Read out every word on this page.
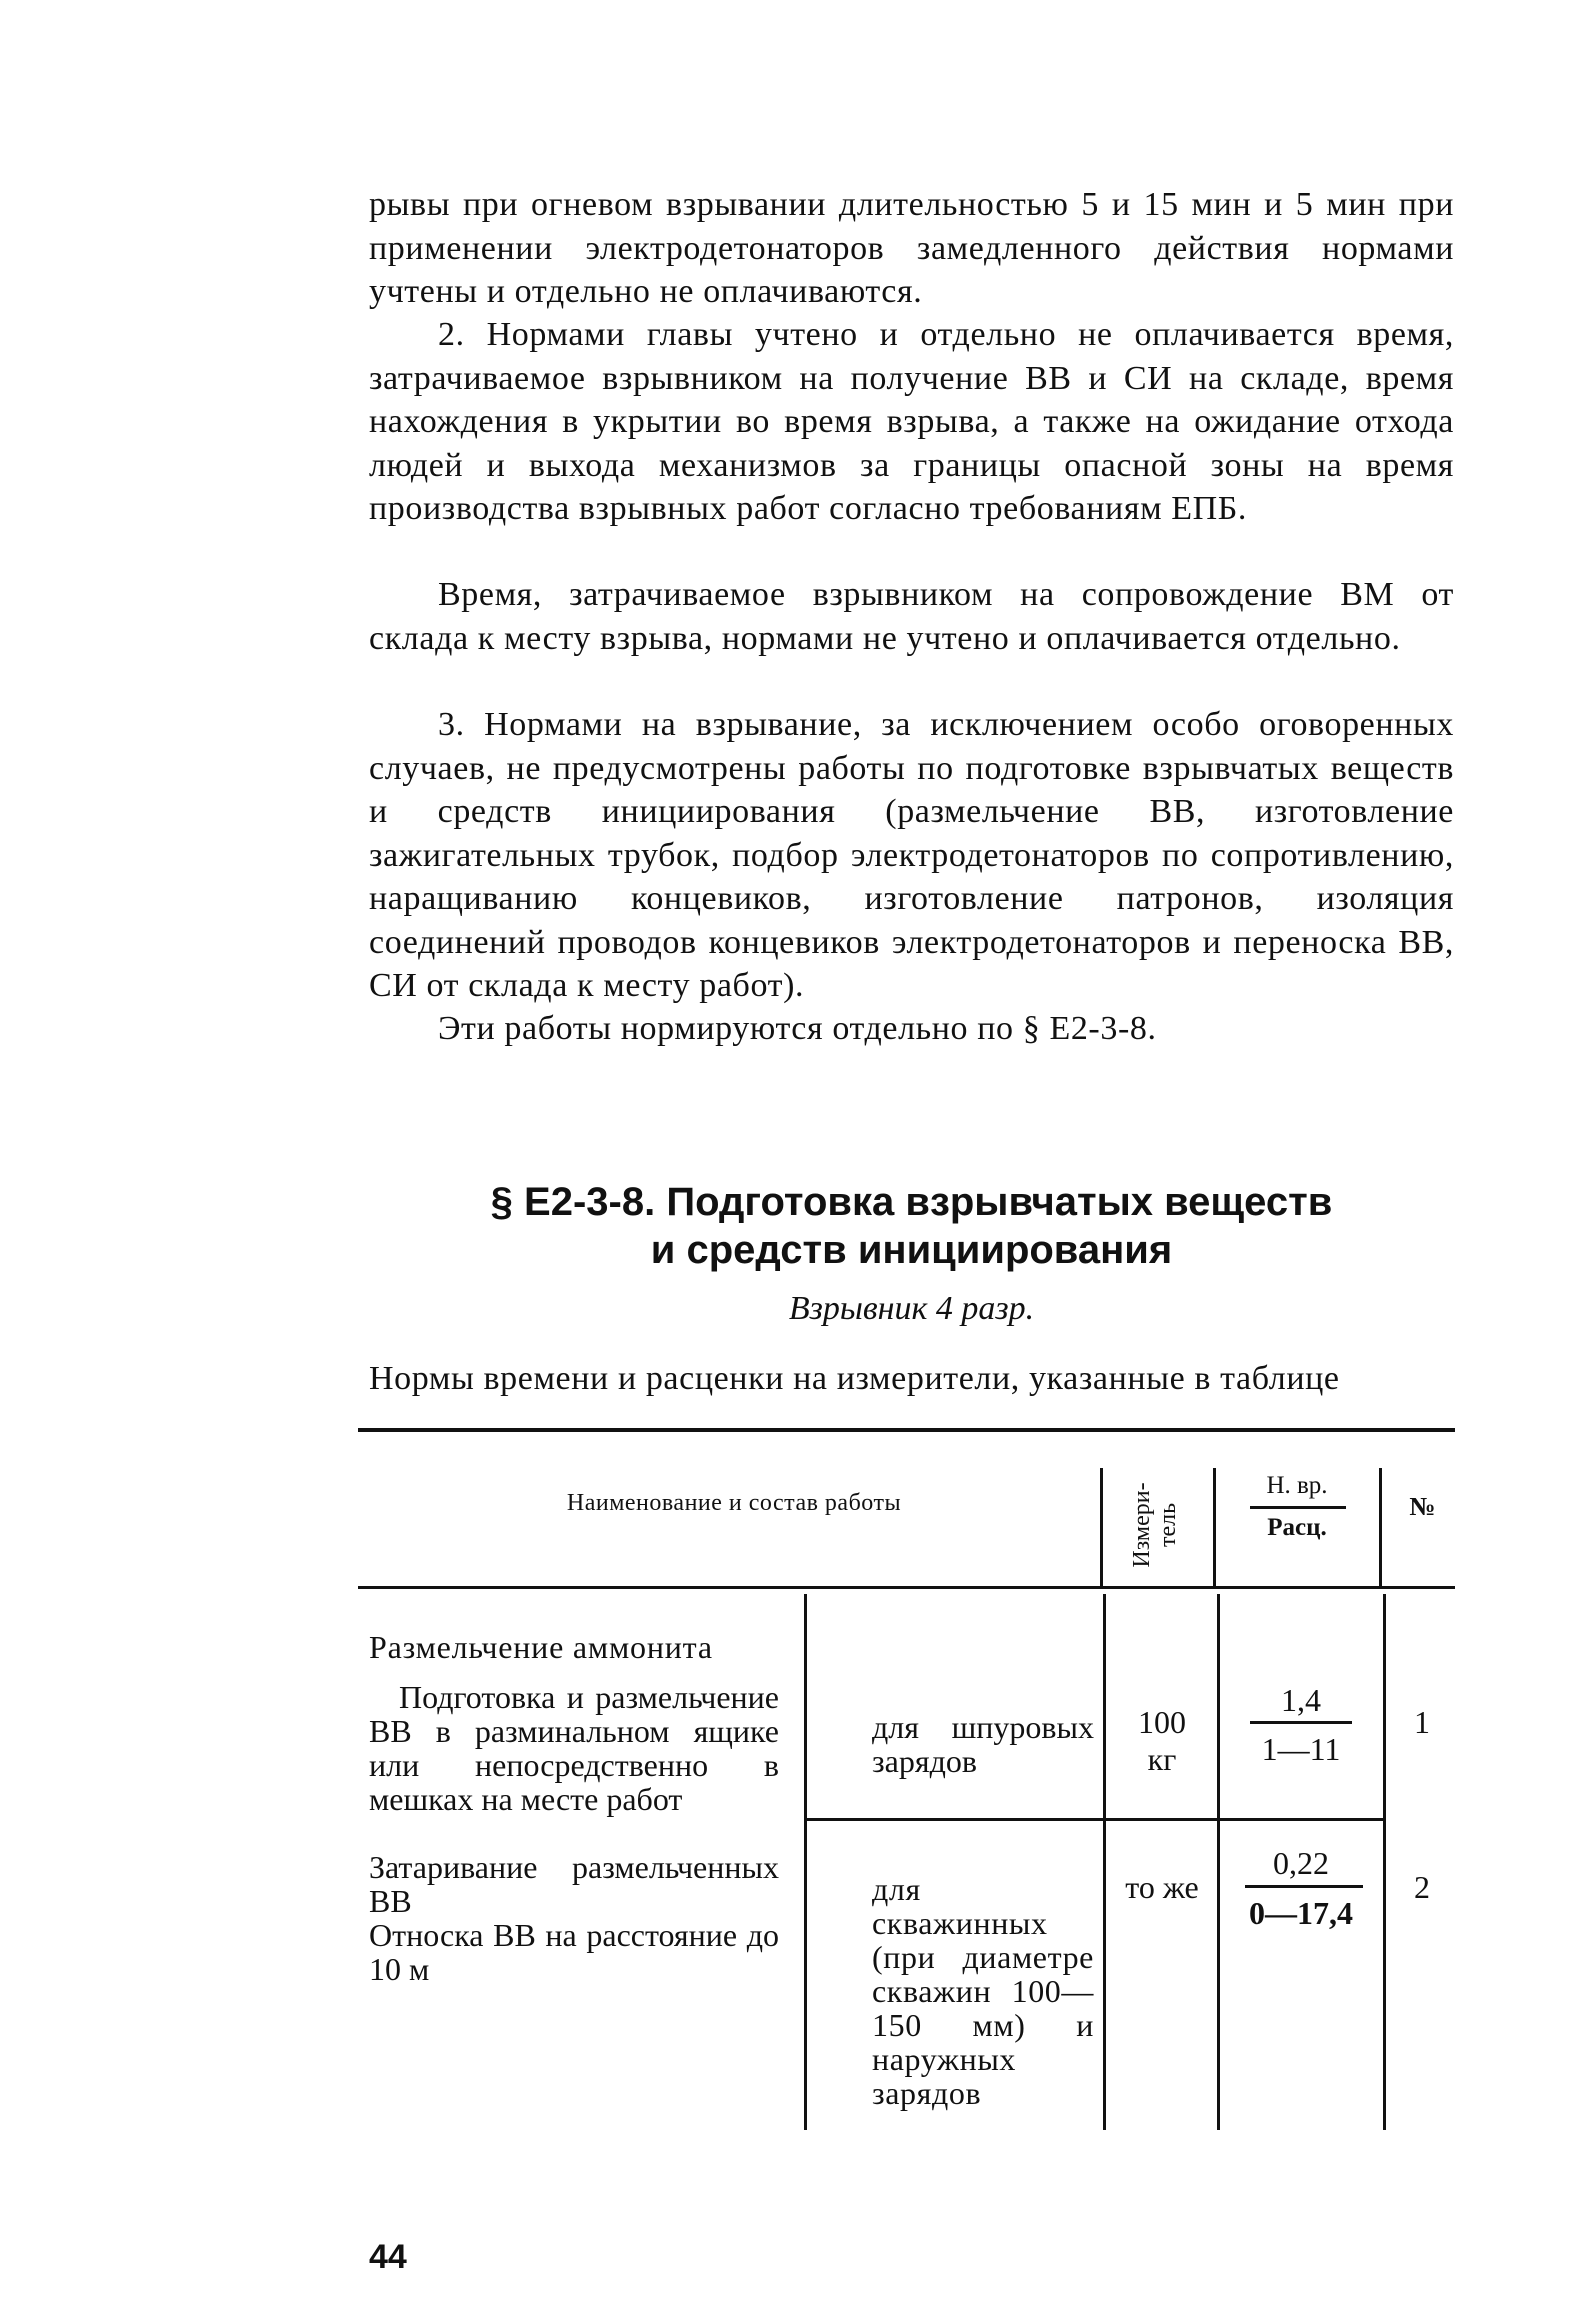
рывы при огневом взрывании длительностью 5 и 15 мин и 5 мин при применении электродетонаторов замедленного действия нормами учтены и отдельно не оплачиваются.
2. Нормами главы учтено и отдельно не оплачивается время, затрачиваемое взрывником на получение ВВ и СИ на складе, время нахождения в укрытии во время взрыва, а также на ожидание отхода людей и выхода механизмов за границы опасной зоны на время производства взрывных работ согласно требованиям ЕПБ.
Время, затрачиваемое взрывником на сопровождение ВМ от склада к месту взрыва, нормами не учтено и оплачивается отдельно.
3. Нормами на взрывание, за исключением особо оговоренных случаев, не предусмотрены работы по подготовке взрывчатых веществ и средств инициирования (размельчение ВВ, изготовление зажигательных трубок, подбор электродетонаторов по сопротивлению, наращиванию концевиков, изготовление патронов, изоляция соединений проводов концевиков электродетонаторов и переноска ВВ, СИ от склада к месту работ).
Эти работы нормируются отдельно по § Е2-3-8.
§ Е2-3-8. Подготовка взрывчатых веществ
и средств инициирования
Взрывник 4 разр.
Нормы времени и расценки на измерители, указанные в таблице
Наименование и состав работы	Измери-
тель
Н. вр.
Расц.
№
Размельчение аммонита
Подготовка и размельчение ВВ в разминальном ящике или непосредственно в мешках на месте работ
Затаривание размельченных ВВ
Относка ВВ на расстояние до 10 м
для шпуровых зарядов
100
кг
1,4
1—11
1
для скважинных (при диаметре скважин 100—150 мм) и наружных зарядов
то же
0,22
0—17,4
2
44
